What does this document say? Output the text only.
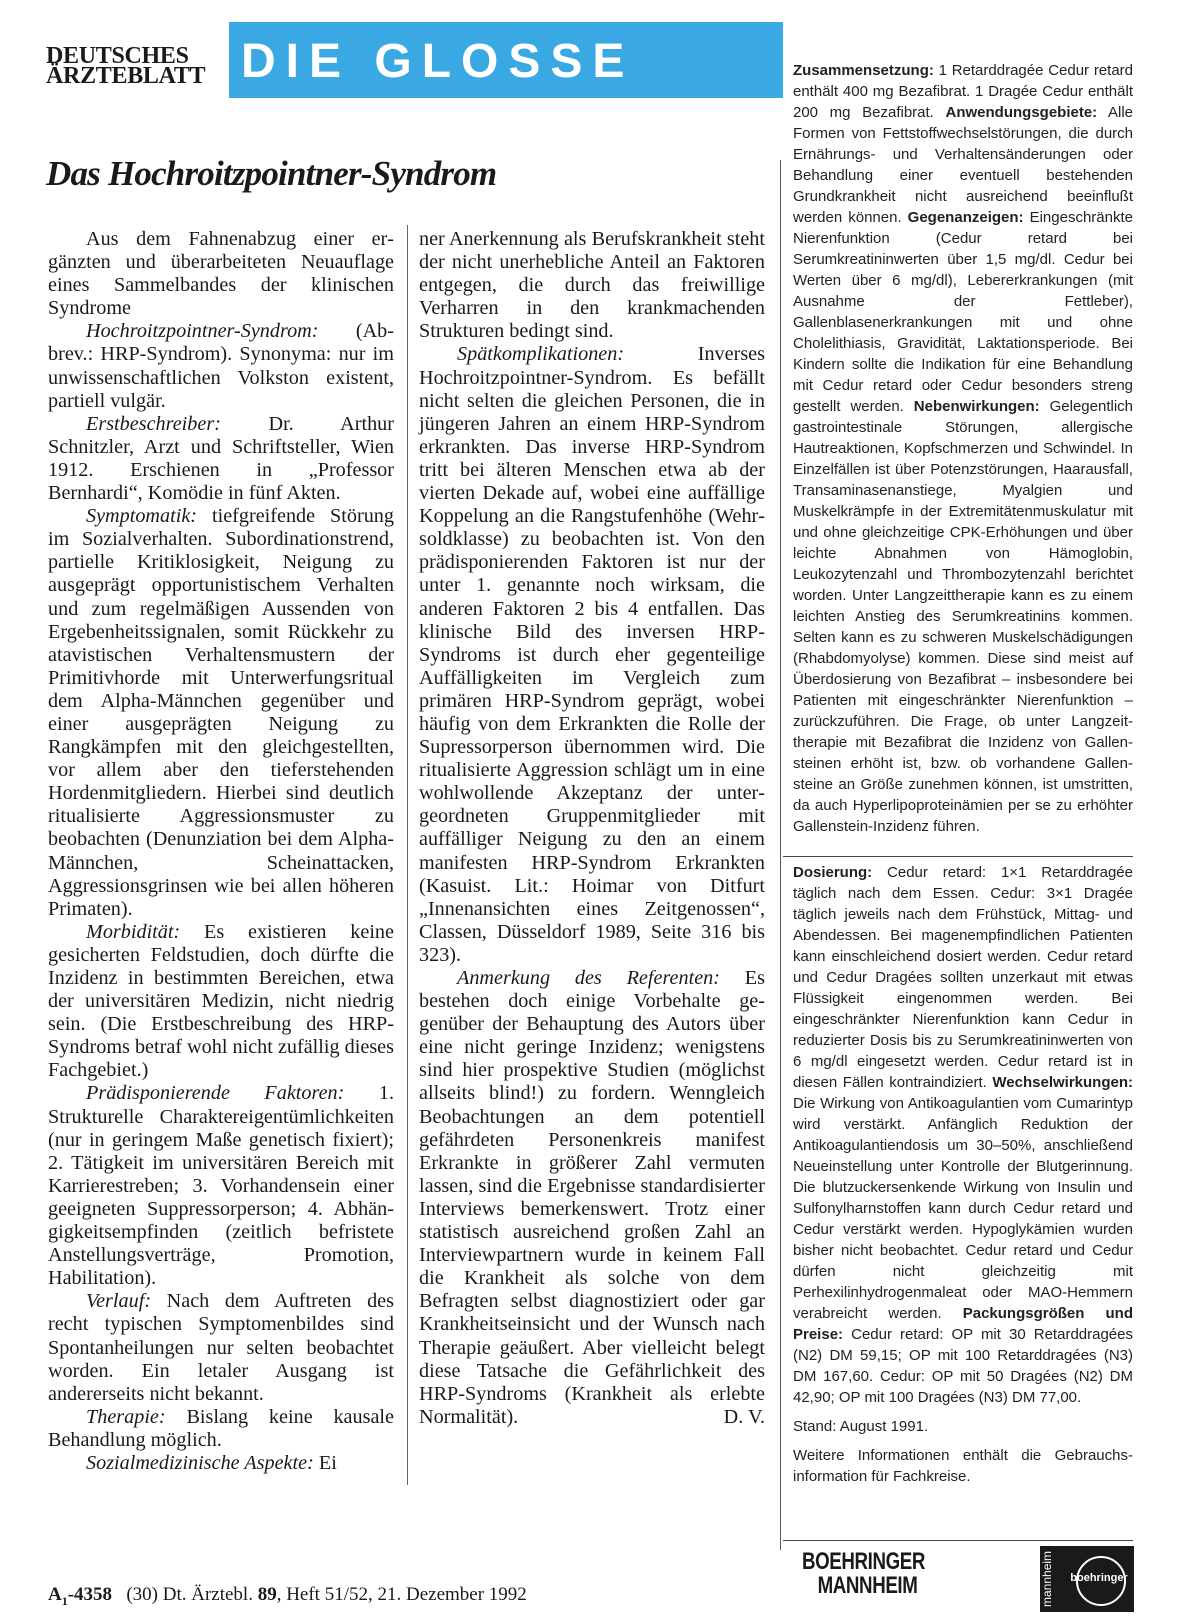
DEUTSCHES
ÄRZTEBLATT DIE GLOSSE
Das Hochroitzpointner-Syndrom

Aus dem Fahnenabzug einer ergänzten und überarbeiteten Neuauflage eines Sammelbandes der klinischen Syndrome

Hochroitzpointner-Syndrom: (Abbrev.: HRP-Syndrom). Synonyma: nur im unwissenschaftlichen Volkston existent, partiell vulgär.

Erstbeschreiber: Dr. Arthur Schnitzler, Arzt und Schriftsteller, Wien 1912. Erschienen in „Professor Bernhardi“, Komödie in fünf Akten.

Symptomatik: tiefgreifende Störung im Sozialverhalten. Subordinationstrend, partielle Kritiklosigkeit, Neigung zu ausgeprägt opportunistischem Verhalten und zum regelmäßigen Aussenden von Ergebenheitssignalen, somit Rückkehr zu atavistischen Verhaltensmustern der Primitivhorde mit Unterwerfungsritual dem Alpha-Männchen gegenüber und einer ausgeprägten Neigung zu Rangkämpfen mit den gleichgestellten, vor allem aber den tieferstehenden Hordenmitgliedern. Hierbei sind deutlich ritualisierte Aggressionsmuster zu beobachten (Denunziation bei dem Alpha-Männchen, Scheinattacken, Aggressionsgrinsen wie bei allen höheren Primaten).

Morbidität: Es existieren keine gesicherten Feldstudien, doch dürfte die Inzidenz in bestimmten Bereichen, etwa der universitären Medizin, nicht niedrig sein. (Die Erstbeschreibung des HRP-Syndroms betraf wohl nicht zufällig dieses Fachgebiet.)

Prädisponierende Faktoren: 1. Strukturelle Charaktereigentümlichkeiten (nur in geringem Maße genetisch fixiert); 2. Tätigkeit im universitären Bereich mit Karrierestreben; 3. Vorhandensein einer geeigneten Suppressorperson; 4. Abhängigkeitsempfinden (zeitlich befristete Anstellungsverträge, Promotion, Habilitation).

Verlauf: Nach dem Auftreten des recht typischen Symptomenbildes sind Spontanheilungen nur selten beobachtet worden. Ein letaler Ausgang ist andererseits nicht bekannt.

Therapie: Bislang keine kausale Behandlung möglich.

Sozialmedizinische Aspekte: Ei

ner Anerkennung als Berufskrankheit steht der nicht unerhebliche Anteil an Faktoren entgegen, die durch das freiwillige Verharren in den krankmachenden Strukturen bedingt sind.

Spätkomplikationen: Inverses Hochroitzpointner-Syndrom. Es befällt nicht selten die gleichen Personen, die in jüngeren Jahren an einem HRP-Syndrom erkrankten. Das inverse HRP-Syndrom tritt bei älteren Menschen etwa ab der vierten Dekade auf, wobei eine auffällige Koppelung an die Rangstufenhöhe (Wehrsoldklasse) zu beobachten ist. Von den prädisponierenden Faktoren ist nur der unter 1. genannte noch wirksam, die anderen Faktoren 2 bis 4 entfallen. Das klinische Bild des inversen HRP-Syndroms ist durch eher gegenteilige Auffälligkeiten im Vergleich zum primären HRP-Syndrom geprägt, wobei häufig von dem Erkrankten die Rolle der Supressorperson übernommen wird. Die ritualisierte Aggression schlägt um in eine wohlwollende Akzeptanz der untergeordneten Gruppenmitglieder mit auffälliger Neigung zu den an einem manifesten HRP-Syndrom Erkrankten (Kasuist. Lit.: Hoimar von Ditfurt „Innenansichten eines Zeitgenossen“, Classen, Düsseldorf 1989, Seite 316 bis 323).

Anmerkung des Referenten: Es bestehen doch einige Vorbehalte gegenüber der Behauptung des Autors über eine nicht geringe Inzidenz; wenigstens sind hier prospektive Studien (möglichst allseits blind!) zu fordern. Wenngleich Beobachtungen an dem potentiell gefährdeten Personenkreis manifest Erkrankte in größerer Zahl vermuten lassen, sind die Ergebnisse standardisierter Interviews bemerkenswert. Trotz einer statistisch ausreichend großen Zahl an Interviewpartnern wurde in keinem Fall die Krankheit als solche von dem Befragten selbst diagnostiziert oder gar Krankheitseinsicht und der Wunsch nach Therapie geäußert. Aber vielleicht belegt diese Tatsache die Gefährlichkeit des HRP-Syndroms (Krankheit als erlebte Normalität).	D. V.

Zusammensetzung: 1 Retarddragée Cedur retard enthält 400 mg Bezafibrat. 1 Dragée Cedur enthält 200 mg Bezafibrat. Anwendungsgebiete: Alle Formen von Fettstoffwechselstörungen, die durch Ernährungs- und Verhaltensänderungen oder Behandlung einer eventuell bestehenden Grundkrankheit nicht ausreichend beeinflußt werden können. Gegenanzeigen: Eingeschränkte Nierenfunktion (Cedur retard bei Serumkreatininwerten über 1,5 mg/dl. Cedur bei Werten über 6 mg/dl), Lebererkrankungen (mit Ausnahme der Fettleber), Gallenblasenerkrankungen mit und ohne Cholelithiasis, Gravidität, Laktationsperiode. Bei Kindern sollte die Indikation für eine Behandlung mit Cedur retard oder Cedur besonders streng gestellt werden. Nebenwirkungen: Gelegentlich gastrointestinale Störungen, allergische Hautreaktionen, Kopfschmerzen und Schwindel. In Einzelfällen ist über Potenzstörungen, Haarausfall, Transaminasenanstiege, Myalgien und Muskelkrämpfe in der Extremitätenmuskulatur mit und ohne gleichzeitige CPK-Erhöhungen und über leichte Abnahmen von Hämoglobin, Leukozytenzahl und Thrombozytenzahl berichtet worden. Unter Langzeittherapie kann es zu einem leichten Anstieg des Serumkreatinins kommen. Selten kann es zu schweren Muskelschädigungen (Rhabdomyolyse) kommen. Diese sind meist auf Überdosierung von Bezafibrat – insbesondere bei Patienten mit eingeschränkter Nierenfunktion – zurückzuführen. Die Frage, ob unter Langzeittherapie mit Bezafibrat die Inzidenz von Gallensteinen erhöht ist, bzw. ob vorhandene Gallensteine an Größe zunehmen können, ist umstritten, da auch Hyperlipoproteinämien per se zu erhöhter Gallenstein-Inzidenz führen.

Dosierung: Cedur retard: 1×1 Retarddragée täglich nach dem Essen. Cedur: 3×1 Dragée täglich jeweils nach dem Frühstück, Mittag- und Abendessen. Bei magenempfindlichen Patienten kann einschleichend dosiert werden. Cedur retard und Cedur Dragées sollten unzerkaut mit etwas Flüssigkeit eingenommen werden. Bei eingeschränkter Nierenfunktion kann Cedur in reduzierter Dosis bis zu Serumkreatininwerten von 6 mg/dl eingesetzt werden. Cedur retard ist in diesen Fällen kontraindiziert. Wechselwirkungen: Die Wirkung von Antikoagulantien vom Cumarintyp wird verstärkt. Anfänglich Reduktion der Antikoagulantiendosis um 30–50%, anschließend Neueinstellung unter Kontrolle der Blutgerinnung. Die blutzuckersenkende Wirkung von Insulin und Sulfonylharnstoffen kann durch Cedur retard und Cedur verstärkt werden. Hypoglykämien wurden bisher nicht beobachtet. Cedur retard und Cedur dürfen nicht gleichzeitig mit Perhexilinhydrogenmaleat oder MAO-Hemmern verabreicht werden. Packungsgrößen und Preise: Cedur retard: OP mit 30 Retarddragées (N2) DM 59,15; OP mit 100 Retarddragées (N3) DM 167,60. Cedur: OP mit 50 Dragées (N2) DM 42,90; OP mit 100 Dragées (N3) DM 77,00.

Stand: August 1991.

Weitere Informationen enthält die Gebrauchsinformation für Fachkreise.

BOEHRINGER
MANNHEIM	mannheim	boehringer
$A_1-4358$ (30) Dt. Ärztebl. 89, Heft 51/52, 21. Dezember 1992
